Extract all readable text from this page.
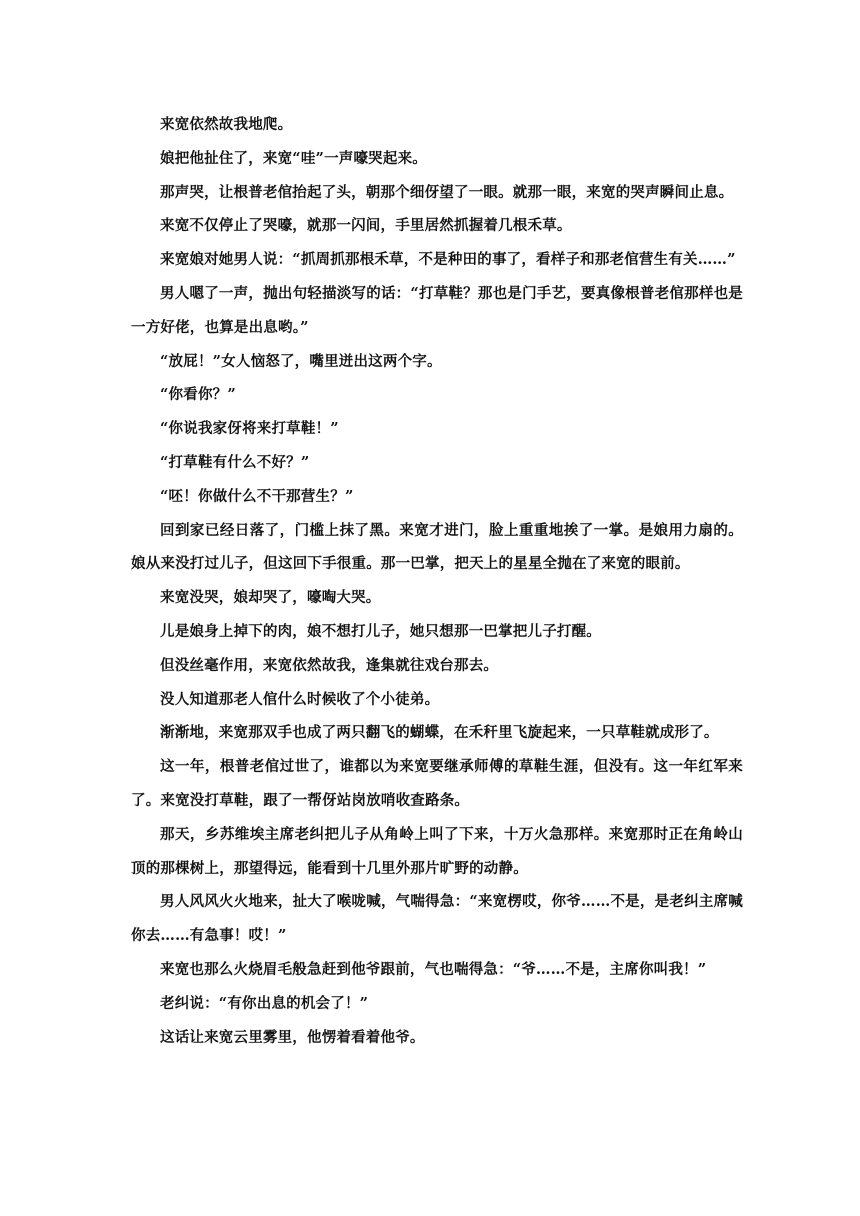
来宽依然故我地爬。

娘把他扯住了，来宽“哇”一声嚎哭起来。

那声哭，让根普老倌抬起了头，朝那个细伢望了一眼。就那一眼，来宽的哭声瞬间止息。

来宽不仅停止了哭嚎，就那一闪间，手里居然抓握着几根禾草。

来宽娘对她男人说：“抓周抓那根禾草，不是种田的事了，看样子和那老倌营生有关……”

男人嗯了一声，抛出句轻描淡写的话：“打草鞋？那也是门手艺，要真像根普老倌那样也是一方好佬，也算是出息哟。”

“放屁！”女人恼怒了，嘴里迸出这两个字。

“你看你？”

“你说我家伢将来打草鞋！”

“打草鞋有什么不好？”

“呸！你做什么不干那营生？”

回到家已经日落了，门槛上抹了黑。来宽才进门，脸上重重地挨了一掌。是娘用力扇的。娘从来没打过儿子，但这回下手很重。那一巴掌，把天上的星星全抛在了来宽的眼前。

来宽没哭，娘却哭了，嚎啕大哭。

儿是娘身上掉下的肉，娘不想打儿子，她只想那一巴掌把儿子打醒。

但没丝毫作用，来宽依然故我，逢集就往戏台那去。

没人知道那老人倌什么时候收了个小徒弟。

渐渐地，来宽那双手也成了两只翻飞的蝴蝶，在禾秆里飞旋起来，一只草鞋就成形了。

这一年，根普老倌过世了，谁都以为来宽要继承师傅的草鞋生涯，但没有。这一年红军来了。来宽没打草鞋，跟了一帮伢站岗放哨收查路条。

那天，乡苏维埃主席老纠把儿子从角岭上叫了下来，十万火急那样。来宽那时正在角岭山顶的那棵树上，那望得远，能看到十几里外那片旷野的动静。

男人风风火火地来，扯大了喉咙喊，气喘得急：“来宽楞哎，你爷……不是，是老纠主席喊你去……有急事！哎！”

来宽也那么火烧眉毛般急赶到他爷跟前，气也喘得急：“爷……不是，主席你叫我！”

老纠说：“有你出息的机会了！”

这话让来宽云里雾里，他愣着看着他爷。
